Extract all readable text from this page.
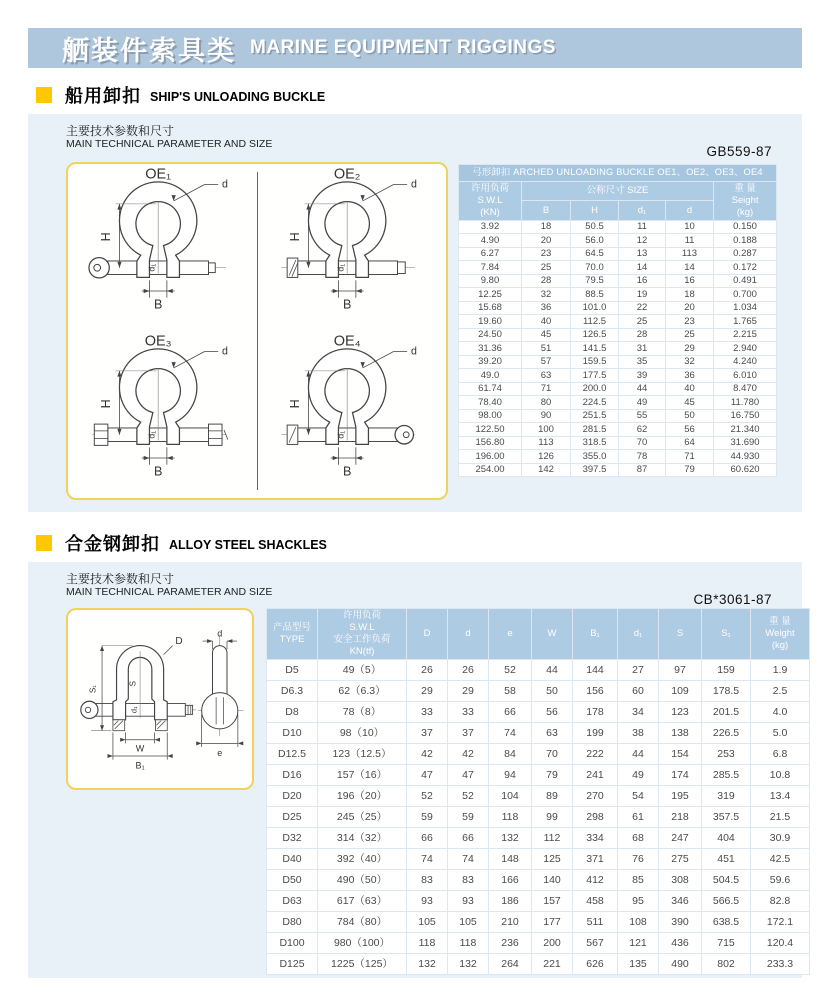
舾装件索具类 MARINE EQUIPMENT RIGGINGS
船用卸扣 SHIP'S UNLOADING BUCKLE
主要技术参数和尺寸
MAIN TECHNICAL PARAMETER AND SIZE	GB559-87
H
B
d
d₁
OE₁
H
B
d
d₁
OE₂
H
B
d
d₁
OE₃
H
B
d
d₁
OE₄
弓形卸扣 ARCHED UNLOADING BUCKLE OE1、OE2、OE3、OE4					
许用负荷
S.W.L
(KN)	公称尺寸 SIZE				重 量
Seight
(kg)
	B	H	d₁	d	
3.92	18	50.5	11	10	0.150
4.90	20	56.0	12	11	0.188
6.27	23	64.5	13	113	0.287
7.84	25	70.0	14	14	0.172
9.80	28	79.5	16	16	0.491
12.25	32	88.5	19	18	0.700
15.68	36	101.0	22	20	1.034
19.60	40	112.5	25	23	1.765
24.50	45	126.5	28	25	2.215
31.36	51	141.5	31	29	2.940
39.20	57	159.5	35	32	4.240
49.0	63	177.5	39	36	6.010
61.74	71	200.0	44	40	8.470
78.40	80	224.5	49	45	11.780
98.00	90	251.5	55	50	16.750
122.50	100	281.5	62	56	21.340
156.80	113	318.5	70	64	31.690
196.00	126	355.0	78	71	44.930
254.00	142	397.5	87	79	60.620
合金钢卸扣 ALLOY STEEL SHACKLES
主要技术参数和尺寸
MAIN TECHNICAL PARAMETER AND SIZE	CB*3061-87
S
d₁
D
S₁
W
B₁
d
e
产品型号
TYPE	许用负荷
S.W.L
安全工作负荷
KN(tf)	D	d	e	W	B₁	d₁	S	S₁	重 量
Weight
(kg)
D5	49（5）	26	26	52	44	144	27	97	159	1.9
D6.3	62（6.3）	29	29	58	50	156	60	109	178.5	2.5
D8	78（8）	33	33	66	56	178	34	123	201.5	4.0
D10	98（10）	37	37	74	63	199	38	138	226.5	5.0
D12.5	123（12.5）	42	42	84	70	222	44	154	253	6.8
D16	157（16）	47	47	94	79	241	49	174	285.5	10.8
D20	196（20）	52	52	104	89	270	54	195	319	13.4
D25	245（25）	59	59	118	99	298	61	218	357.5	21.5
D32	314（32）	66	66	132	112	334	68	247	404	30.9
D40	392（40）	74	74	148	125	371	76	275	451	42.5
D50	490（50）	83	83	166	140	412	85	308	504.5	59.6
D63	617（63）	93	93	186	157	458	95	346	566.5	82.8
D80	784（80）	105	105	210	177	511	108	390	638.5	172.1
D100	980（100）	118	118	236	200	567	121	436	715	120.4
D125	1225（125）	132	132	264	221	626	135	490	802	233.3
